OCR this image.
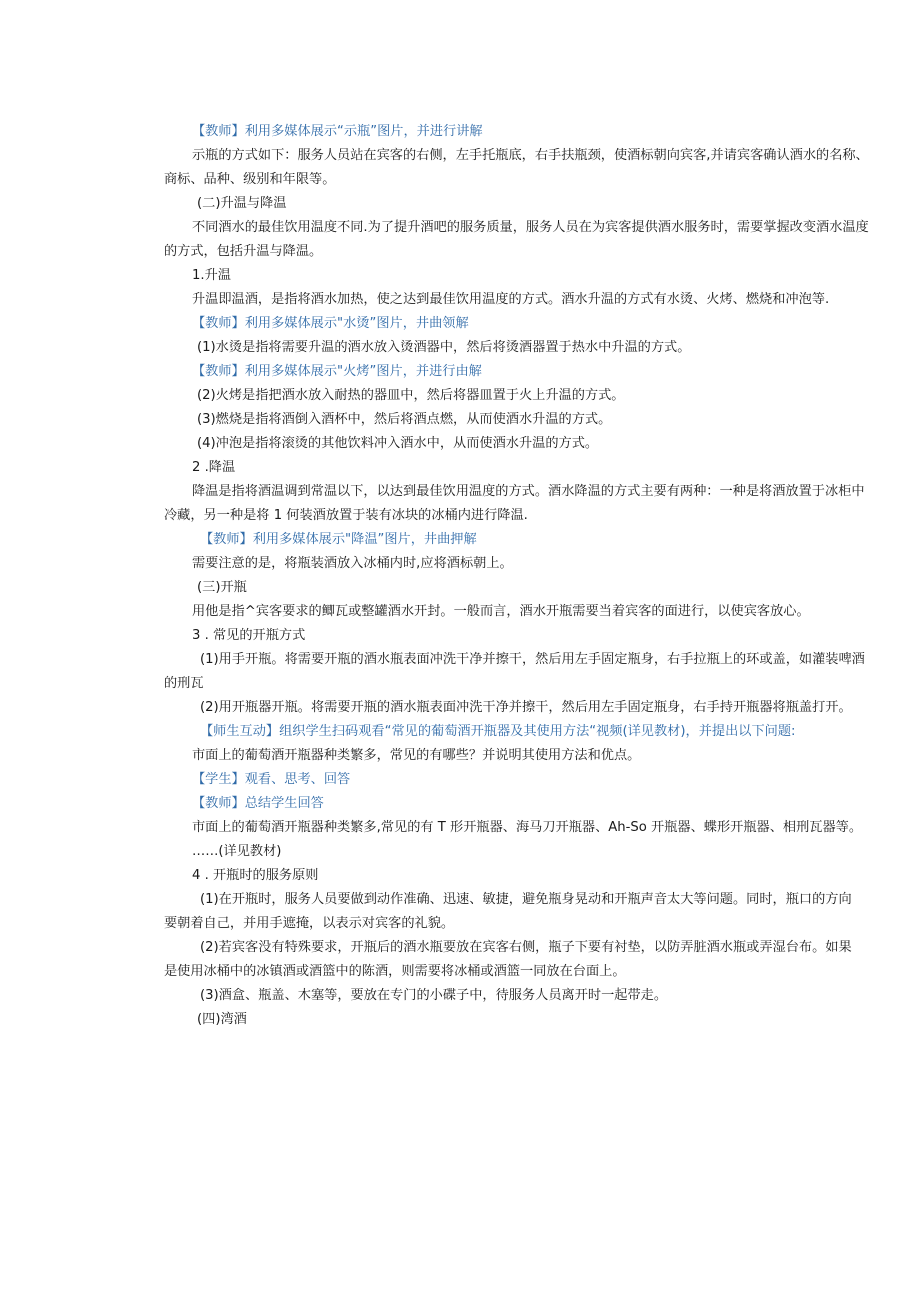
【教师】利用多媒体展示“示瓶”图片，并进行讲解

示瓶的方式如下：服务人员站在宾客的右侧，左手托瓶底，右手扶瓶颈，使酒标朝向宾客,并请宾客确认酒水的名称、

商标、品种、级别和年限等。

(二)升温与降温

不同酒水的最佳饮用温度不同.为了提升酒吧的服务质量，服务人员在为宾客提供酒水服务时，需要掌握改变酒水温度

的方式，包括升温与降温。

1.升温

升温即温酒，是指将酒水加热，使之达到最佳饮用温度的方式。酒水升温的方式有水烫、火烤、燃烧和冲泡等.

【教师】利用多媒体展示"水烫”图片，井曲领解

(1)水烫是指将需要升温的酒水放入烫酒器中，然后将烫酒器置于热水中升温的方式。

【教师】利用多媒体展示"火烤”图片，并进行由解

(2)火烤是指把酒水放入耐热的器皿中，然后将器皿置于火上升温的方式。

(3)燃烧是指将酒倒入酒杯中，然后将酒点燃，从而使酒水升温的方式。

(4)冲泡是指将滚烫的其他饮料冲入酒水中，从而使酒水升温的方式。

2 .降温

降温是指将酒温调到常温以下，以达到最佳饮用温度的方式。酒水降温的方式主要有两种：一种是将酒放置于冰柜中

冷藏，另一种是将 1 何装酒放置于装有冰块的冰桶内进行降温.

【教师】利用多媒体展示"降温”图片，井曲押解

需要注意的是，将瓶装酒放入冰桶内时,应将酒标朝上。

(三)开瓶

用他是指^宾客要求的鲫瓦或整罐酒水开封。一般而言，酒水开瓶需要当着宾客的面进行，以使宾客放心。

3 . 常见的开瓶方式

(1)用手开瓶。将需要开瓶的酒水瓶表面冲洗干净并擦干，然后用左手固定瓶身，右手拉瓶上的环或盖，如灌装啤酒

的刑瓦

(2)用开瓶器开瓶。将需要开瓶的酒水瓶表面冲洗干净并擦干，然后用左手固定瓶身，右手持开瓶器将瓶盖打开。

【师生互动】组织学生扫码观看“常见的葡萄酒开瓶器及其使用方法“视频(详见教材)，并提出以下问题:

市面上的葡萄酒开瓶器种类繁多，常见的有哪些？并说明其使用方法和优点。

【学生】观看、思考、回答

【教师】总结学生回答

市面上的葡萄酒开瓶器种类繁多,常见的有 T 形开瓶器、海马刀开瓶器、Ah-So 开瓶器、蝶形开瓶器、相刑瓦器等。

……(详见教材)

4 . 开瓶时的服务原则

(1)在开瓶时，服务人员要做到动作准确、迅速、敏捷，避免瓶身晃动和开瓶声音太大等问题。同时，瓶口的方向

要朝着自己，并用手遮掩，以表示对宾客的礼貌。

(2)若宾客没有特殊要求，开瓶后的酒水瓶要放在宾客右侧，瓶子下要有衬垫，以防弄脏酒水瓶或弄湿台布。如果

是使用冰桶中的冰镇酒或酒篮中的陈酒，则需要将冰桶或酒篮一同放在台面上。

(3)酒盒、瓶盖、木塞等，要放在专门的小碟子中，待服务人员离开时一起带走。

(四)湾酒
